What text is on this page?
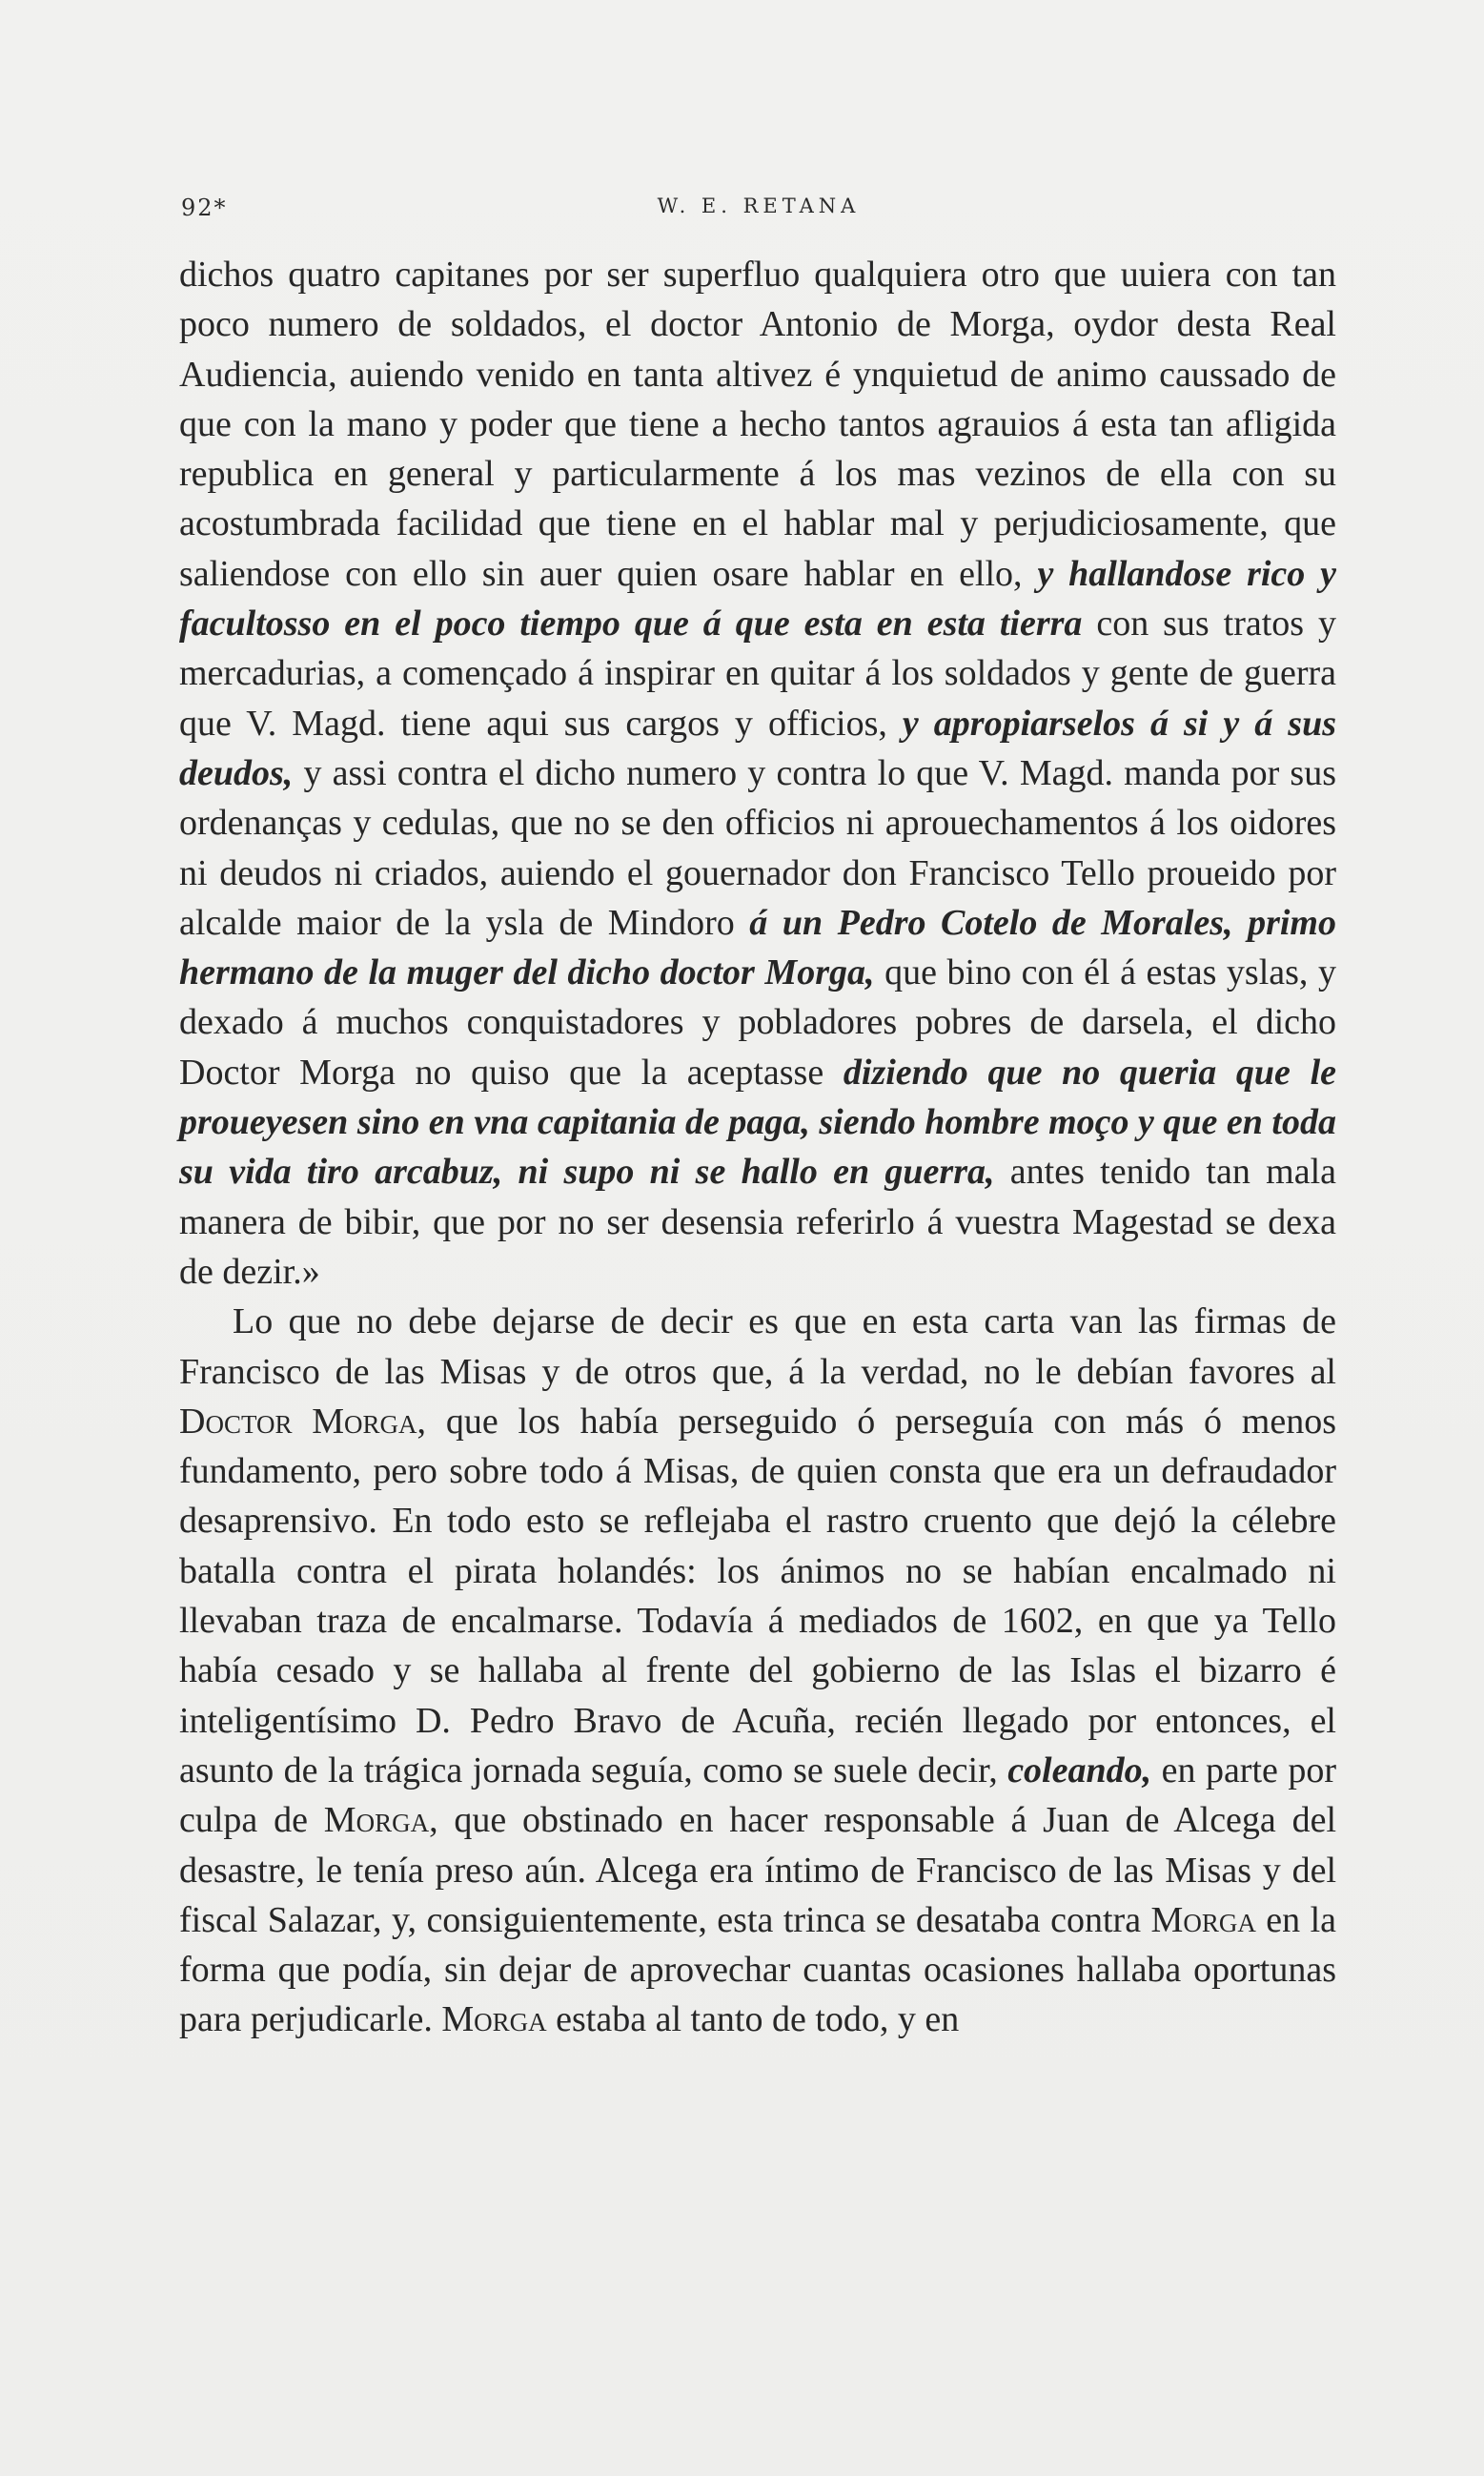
92*	W. E. RETANA

dichos quatro capitanes por ser superfluo qualquiera otro que uuiera con tan poco numero de soldados, el doctor Antonio de Morga, oydor desta Real Audiencia, auiendo venido en tanta altivez é ynquietud de animo caussado de que con la mano y poder que tiene a hecho tantos agrauios á esta tan afligida republica en general y particularmente á los mas vezinos de ella con su acostumbrada facilidad que tiene en el hablar mal y perjudiciosamente, que saliendose con ello sin auer quien osare hablar en ello, y hallandose rico y facultosso en el poco tiempo que á que esta en esta tierra con sus tratos y mercadurias, a començado á inspirar en quitar á los soldados y gente de guerra que V. Magd. tiene aqui sus cargos y officios, y apropiarselos á si y á sus deudos, y assi contra el dicho numero y contra lo que V. Magd. manda por sus ordenanças y cedulas, que no se den officios ni aprouechamentos á los oidores ni deudos ni criados, auiendo el gouernador don Francisco Tello proueido por alcalde maior de la ysla de Mindoro á un Pedro Cotelo de Morales, primo hermano de la muger del dicho doctor Morga, que bino con él á estas yslas, y dexado á muchos conquistadores y pobladores pobres de darsela, el dicho Doctor Morga no quiso que la aceptasse diziendo que no queria que le proueyesen sino en vna capitania de paga, siendo hombre moço y que en toda su vida tiro arcabuz, ni supo ni se hallo en guerra, antes tenido tan mala manera de bibir, que por no ser desensia referirlo á vuestra Magestad se dexa de dezir.»

Lo que no debe dejarse de decir es que en esta carta van las firmas de Francisco de las Misas y de otros que, á la verdad, no le debían favores al Doctor Morga, que los había perseguido ó perseguía con más ó menos fundamento, pero sobre todo á Misas, de quien consta que era un defraudador desaprensivo. En todo esto se reflejaba el rastro cruento que dejó la célebre batalla contra el pirata holandés: los ánimos no se habían encalmado ni llevaban traza de encalmarse. Todavía á mediados de 1602, en que ya Tello había cesado y se hallaba al frente del gobierno de las Islas el bizarro é inteligentísimo D. Pedro Bravo de Acuña, recién llegado por entonces, el asunto de la trágica jornada seguía, como se suele decir, coleando, en parte por culpa de Morga, que obstinado en hacer responsable á Juan de Alcega del desastre, le tenía preso aún. Alcega era íntimo de Francisco de las Misas y del fiscal Salazar, y, consiguientemente, esta trinca se desataba contra Morga en la forma que podía, sin dejar de aprovechar cuantas ocasiones hallaba oportunas para perjudicarle. Morga estaba al tanto de todo, y en
